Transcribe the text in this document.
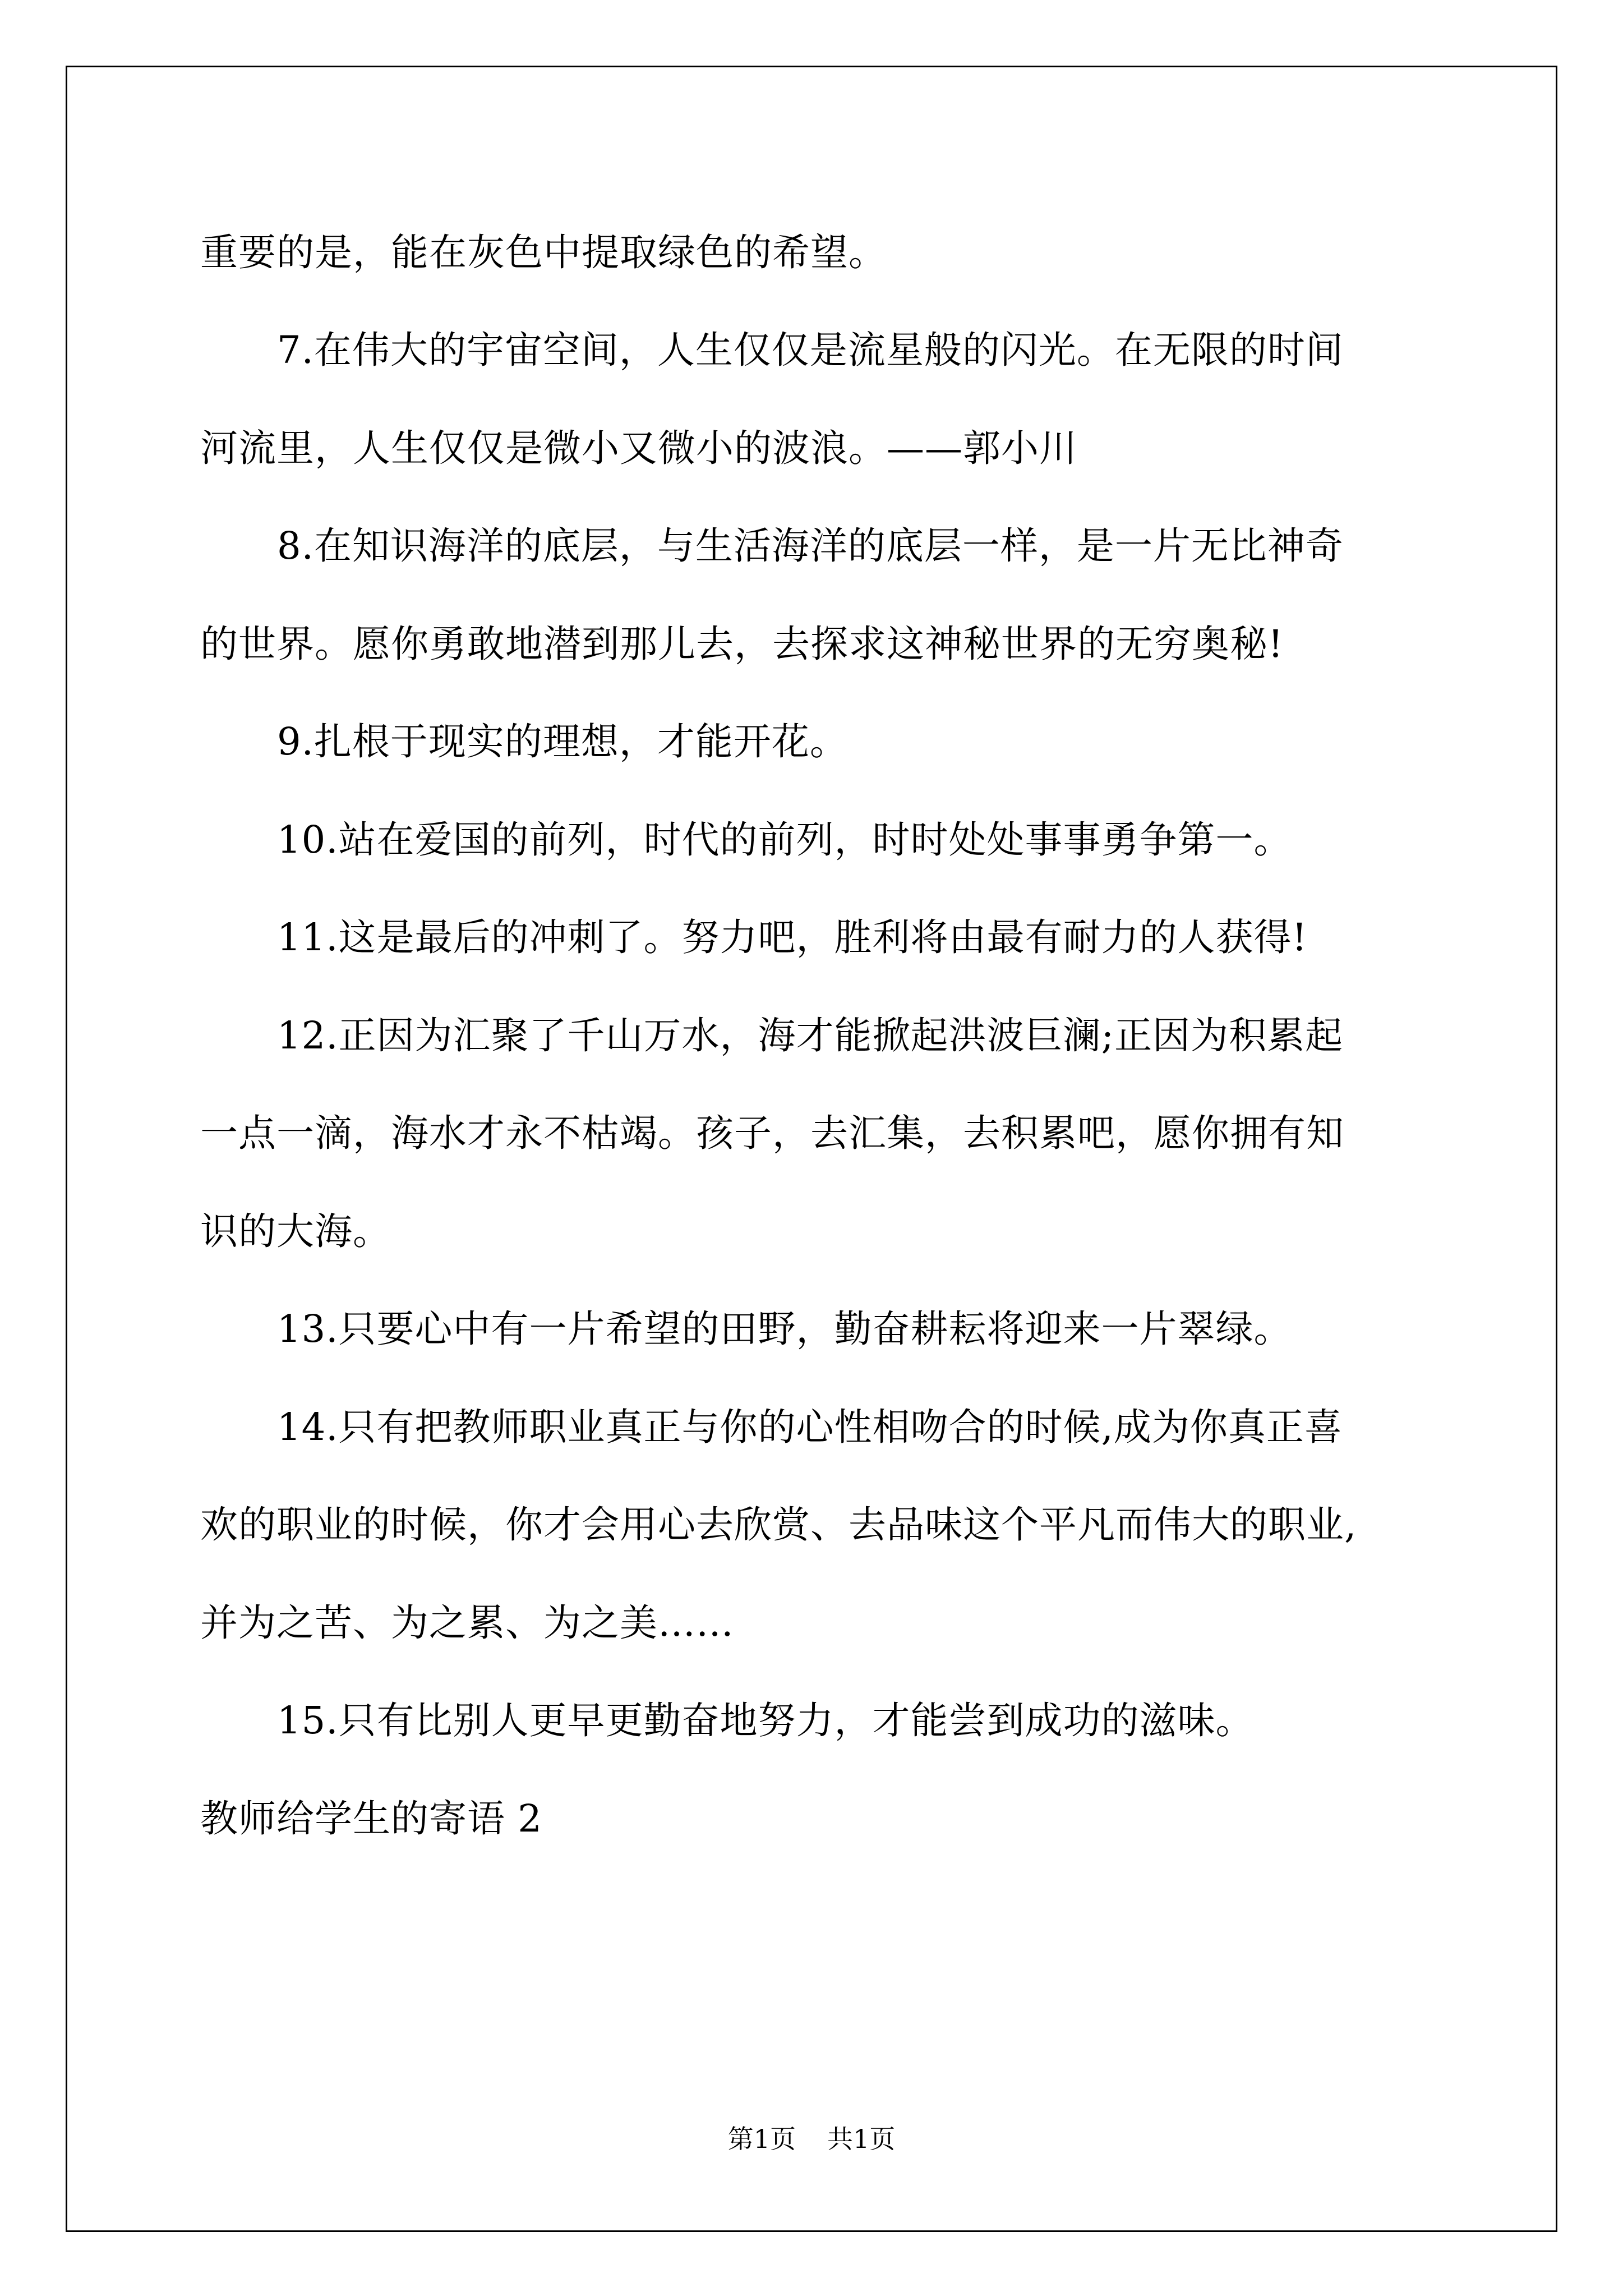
重要的是，能在灰色中提取绿色的希望。
7.在伟大的宇宙空间，人生仅仅是流星般的闪光。在无限的时间
河流里，人生仅仅是微小又微小的波浪。——郭小川
8.在知识海洋的底层，与生活海洋的底层一样，是一片无比神奇
的世界。愿你勇敢地潜到那儿去，去探求这神秘世界的无穷奥秘!
9.扎根于现实的理想，才能开花。
10.站在爱国的前列，时代的前列，时时处处事事勇争第一。
11.这是最后的冲刺了。努力吧，胜利将由最有耐力的人获得!
12.正因为汇聚了千山万水，海才能掀起洪波巨澜;正因为积累起
一点一滴，海水才永不枯竭。孩子，去汇集，去积累吧，愿你拥有知
识的大海。
13.只要心中有一片希望的田野，勤奋耕耘将迎来一片翠绿。
14.只有把教师职业真正与你的心性相吻合的时候,成为你真正喜
欢的职业的时候，你才会用心去欣赏、去品味这个平凡而伟大的职业,
并为之苦、为之累、为之美……
15.只有比别人更早更勤奋地努力，才能尝到成功的滋味。
教师给学生的寄语 2
第1页 共1页
